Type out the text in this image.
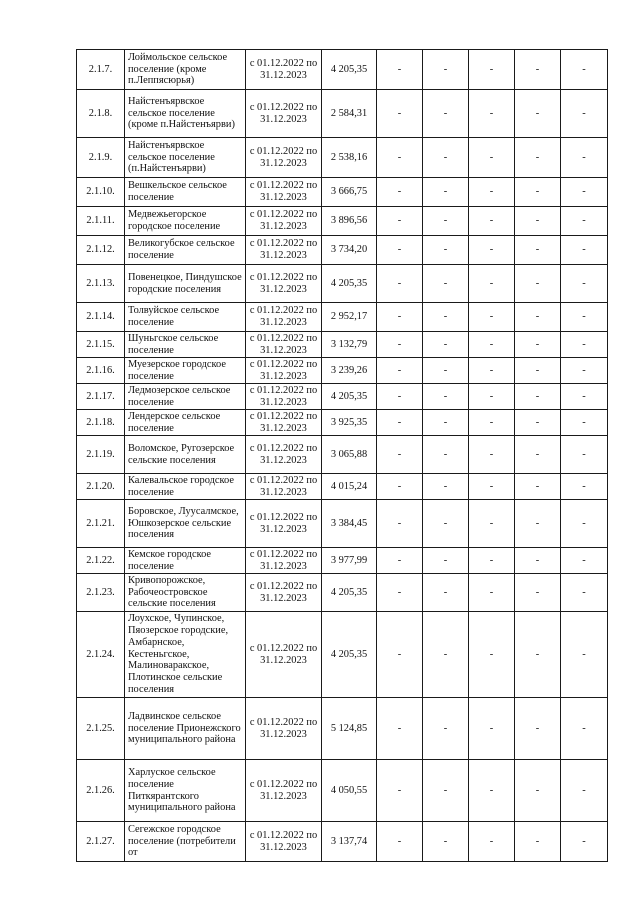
2.1.7.	Лоймольское сельское поселение (кроме п.Леппясюрья)	с 01.12.2022 по 31.12.2023	4 205,35	-	-	-	-	-
2.1.8.	Найстенъярвское сельское поселение (кроме п.Найстенъярви)	с 01.12.2022 по 31.12.2023	2 584,31	-	-	-	-	-
2.1.9.	Найстенъярвское сельское поселение (п.Найстенъярви)	с 01.12.2022 по 31.12.2023	2 538,16	-	-	-	-	-
2.1.10.	Вешкельское сельское поселение	с 01.12.2022 по 31.12.2023	3 666,75	-	-	-	-	-
2.1.11.	Медвежьегорское городское поселение	с 01.12.2022 по 31.12.2023	3 896,56	-	-	-	-	-
2.1.12.	Великогубское сельское поселение	с 01.12.2022 по 31.12.2023	3 734,20	-	-	-	-	-
2.1.13.	Повенецкое, Пиндушское городские поселения	с 01.12.2022 по 31.12.2023	4 205,35	-	-	-	-	-
2.1.14.	Толвуйское сельское поселение	с 01.12.2022 по 31.12.2023	2 952,17	-	-	-	-	-
2.1.15.	Шуньгское сельское поселение	с 01.12.2022 по 31.12.2023	3 132,79	-	-	-	-	-
2.1.16.	Муезерское городское поселение	с 01.12.2022 по 31.12.2023	3 239,26	-	-	-	-	-
2.1.17.	Ледмозерское сельское поселение	с 01.12.2022 по 31.12.2023	4 205,35	-	-	-	-	-
2.1.18.	Лендерское сельское поселение	с 01.12.2022 по 31.12.2023	3 925,35	-	-	-	-	-
2.1.19.	Воломское, Ругозерское сельские поселения	с 01.12.2022 по 31.12.2023	3 065,88	-	-	-	-	-
2.1.20.	Калевальское городское поселение	с 01.12.2022 по 31.12.2023	4 015,24	-	-	-	-	-
2.1.21.	Боровское, Луусалмское, Юшкозерское сельские поселения	с 01.12.2022 по 31.12.2023	3 384,45	-	-	-	-	-
2.1.22.	Кемское городское поселение	с 01.12.2022 по 31.12.2023	3 977,99	-	-	-	-	-
2.1.23.	Кривопорожское, Рабочеостровское сельские поселения	с 01.12.2022 по 31.12.2023	4 205,35	-	-	-	-	-
2.1.24.	Лоухское, Чупинское, Пяозерское городские, Амбарнское, Кестеньгское, Малиноваракское, Плотинское сельские поселения	с 01.12.2022 по 31.12.2023	4 205,35	-	-	-	-	-
2.1.25.	Ладвинское сельское поселение Прионежского муниципального района	с 01.12.2022 по 31.12.2023	5 124,85	-	-	-	-	-
2.1.26.	Харлуское сельское поселение Питкярантского муниципального района	с 01.12.2022 по 31.12.2023	4 050,55	-	-	-	-	-
2.1.27.	Сегежское городское поселение (потребители от	с 01.12.2022 по 31.12.2023	3 137,74	-	-	-	-	-
